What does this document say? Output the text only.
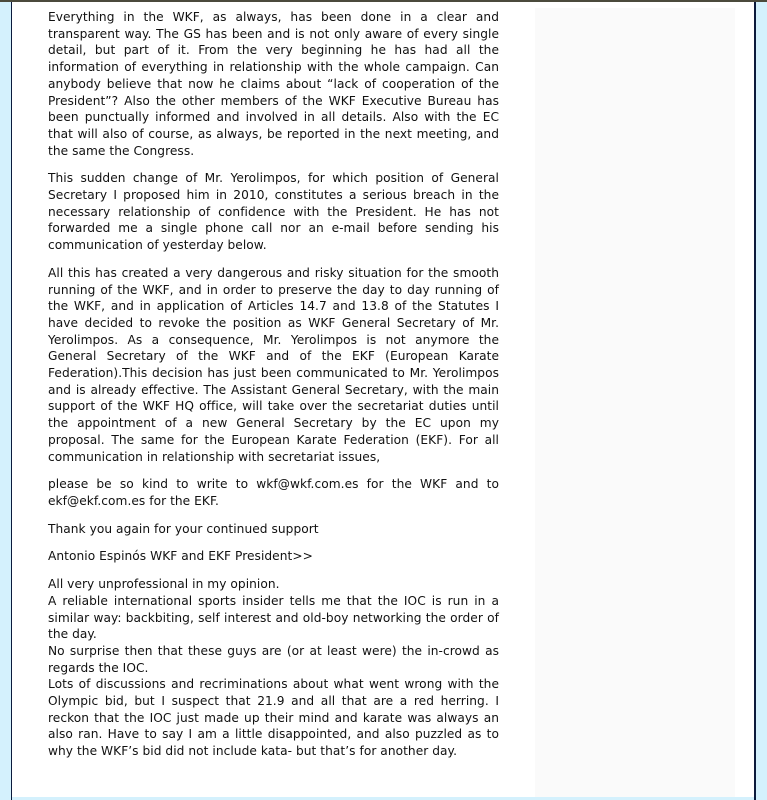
Everything in the WKF, as always, has been done in a clear and transparent way. The GS has been and is not only aware of every single detail, but part of it. From the very beginning he has had all the information of everything in relationship with the whole campaign. Can anybody believe that now he claims about “lack of cooperation of the President”? Also the other members of the WKF Executive Bureau has been punctually informed and involved in all details. Also with the EC that will also of course, as always, be reported in the next meeting, and the same the Congress.

This sudden change of Mr. Yerolimpos, for which position of General Secretary I proposed him in 2010, constitutes a serious breach in the necessary relationship of confidence with the President. He has not forwarded me a single phone call nor an e-mail before sending his communication of yesterday below.

All this has created a very dangerous and risky situation for the smooth running of the WKF, and in order to preserve the day to day running of the WKF, and in application of Articles 14.7 and 13.8 of the Statutes I have decided to revoke the position as WKF General Secretary of Mr. Yerolimpos. As a consequence, Mr. Yerolimpos is not anymore the General Secretary of the WKF and of the EKF (European Karate Federation).This decision has just been communicated to Mr. Yerolimpos and is already effective. The Assistant General Secretary, with the main support of the WKF HQ office, will take over the secretariat duties until the appointment of a new General Secretary by the EC upon my proposal. The same for the European Karate Federation (EKF). For all communication in relationship with secretariat issues,

please be so kind to write to wkf@wkf.com.es for the WKF and to ekf@ekf.com.es for the EKF.

Thank you again for your continued support

Antonio Espinós WKF and EKF President>>

All very unprofessional in my opinion.

A reliable international sports insider tells me that the IOC is run in a similar way: backbiting, self interest and old-boy networking the order of the day.

No surprise then that these guys are (or at least were) the in-crowd as regards the IOC.

Lots of discussions and recriminations about what went wrong with the Olympic bid, but I suspect that 21.9 and all that are a red herring. I reckon that the IOC just made up their mind and karate was always an also ran. Have to say I am a little disappointed, and also puzzled as to why the WKF’s bid did not include kata- but that’s for another day.
